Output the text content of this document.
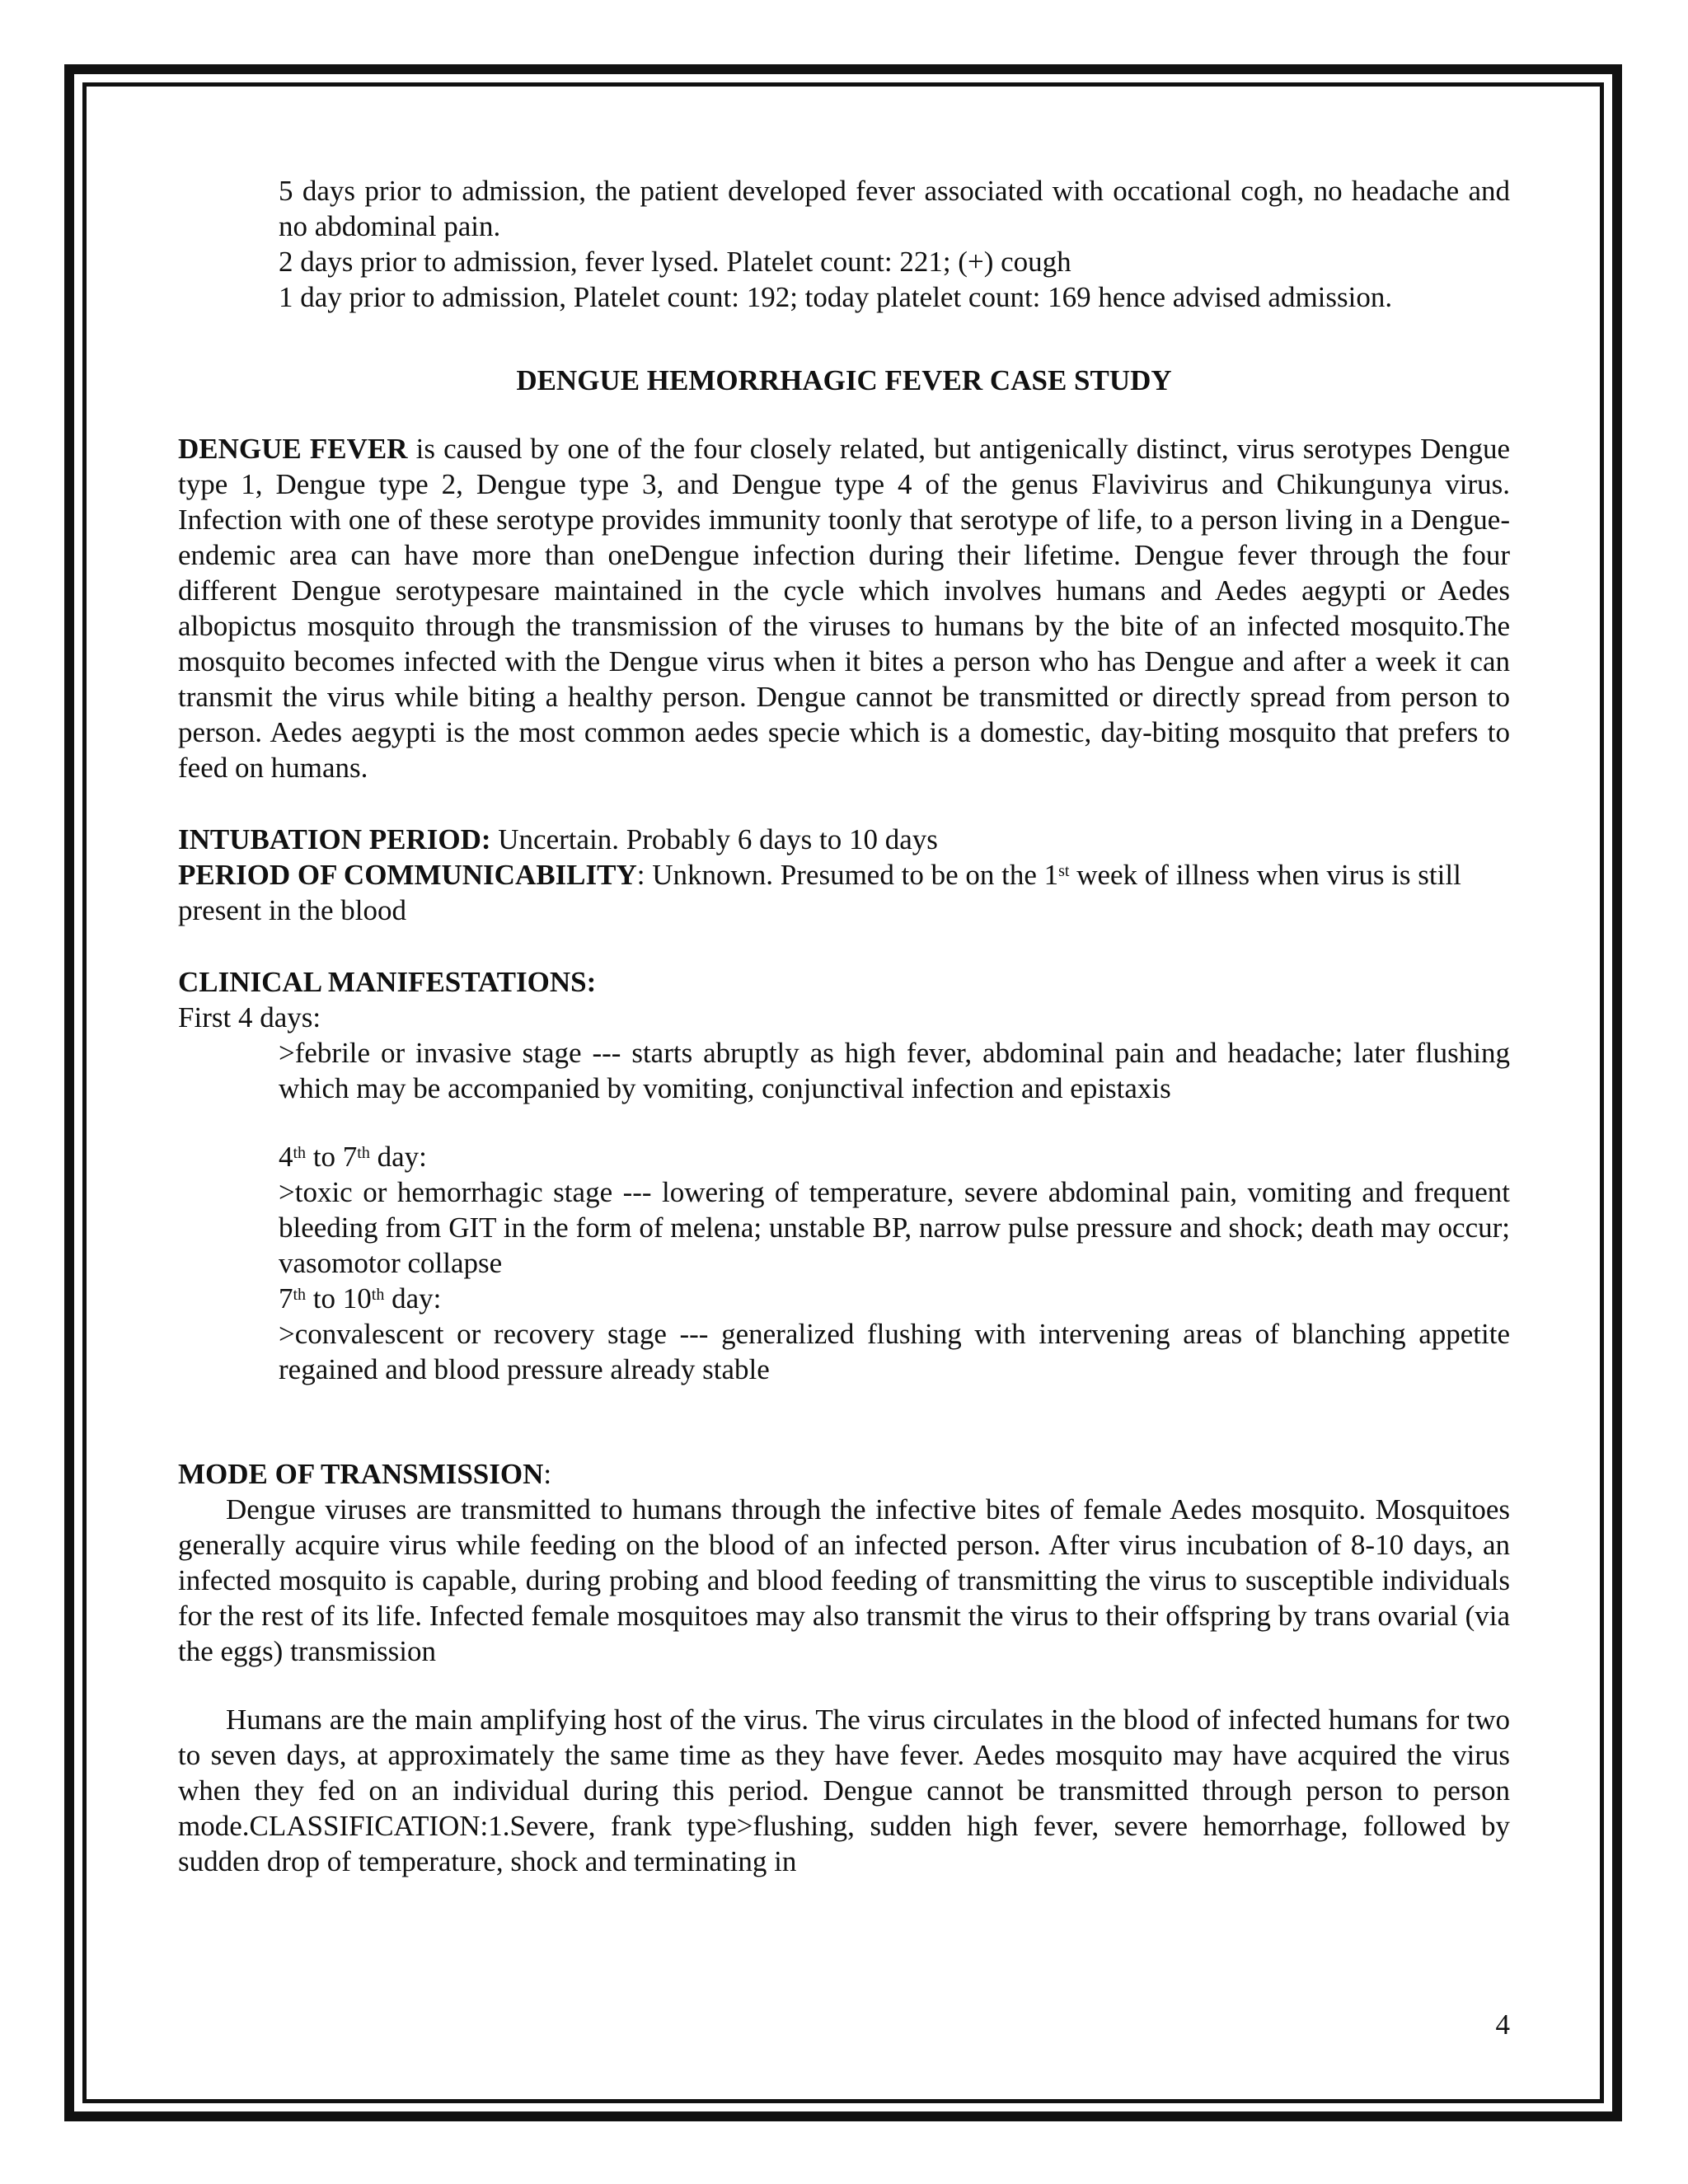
5 days prior to admission, the patient developed fever associated with occational cogh, no headache and no abdominal pain.

2 days prior to admission, fever lysed. Platelet count: 221; (+) cough

1 day prior to admission, Platelet count: 192; today platelet count: 169 hence advised admission.

DENGUE HEMORRHAGIC FEVER CASE STUDY

DENGUE FEVER is caused by one of the four closely related, but antigenically distinct, virus serotypes Dengue type 1, Dengue type 2, Dengue type 3, and Dengue type 4 of the genus Flavivirus and Chikungunya virus. Infection with one of these serotype provides immunity toonly that serotype of life, to a person living in a Dengue-endemic area can have more than oneDengue infection during their lifetime. Dengue fever through the four different Dengue serotypesare maintained in the cycle which involves humans and Aedes aegypti or Aedes albopictus mosquito through the transmission of the viruses to humans by the bite of an infected mosquito.The mosquito becomes infected with the Dengue virus when it bites a person who has Dengue and after a week it can transmit the virus while biting a healthy person. Dengue cannot be transmitted or directly spread from person to person. Aedes aegypti is the most common aedes specie which is a domestic, day-biting mosquito that prefers to feed on humans.

INTUBATION PERIOD: Uncertain. Probably 6 days to 10 days

PERIOD OF COMMUNICABILITY: Unknown. Presumed to be on the 1st week of illness when virus is still present in the blood

CLINICAL MANIFESTATIONS:

First 4 days:

>febrile or invasive stage --- starts abruptly as high fever, abdominal pain and headache; later flushing which may be accompanied by vomiting, conjunctival infection and epistaxis

4th to 7th day:

>toxic or hemorrhagic stage --- lowering of temperature, severe abdominal pain, vomiting and frequent bleeding from GIT in the form of melena; unstable BP, narrow pulse pressure and shock; death may occur; vasomotor collapse

7th to 10th day:

>convalescent or recovery stage --- generalized flushing with intervening areas of blanching appetite regained and blood pressure already stable

MODE OF TRANSMISSION:

Dengue viruses are transmitted to humans through the infective bites of female Aedes mosquito. Mosquitoes generally acquire virus while feeding on the blood of an infected person. After virus incubation of 8-10 days, an infected mosquito is capable, during probing and blood feeding of transmitting the virus to susceptible individuals for the rest of its life. Infected female mosquitoes may also transmit the virus to their offspring by trans ovarial (via the eggs) transmission

Humans are the main amplifying host of the virus. The virus circulates in the blood of infected humans for two to seven days, at approximately the same time as they have fever. Aedes mosquito may have acquired the virus when they fed on an individual during this period. Dengue cannot be transmitted through person to person mode.CLASSIFICATION:1.Severe, frank type>flushing, sudden high fever, severe hemorrhage, followed by sudden drop of temperature, shock and terminating in

4
